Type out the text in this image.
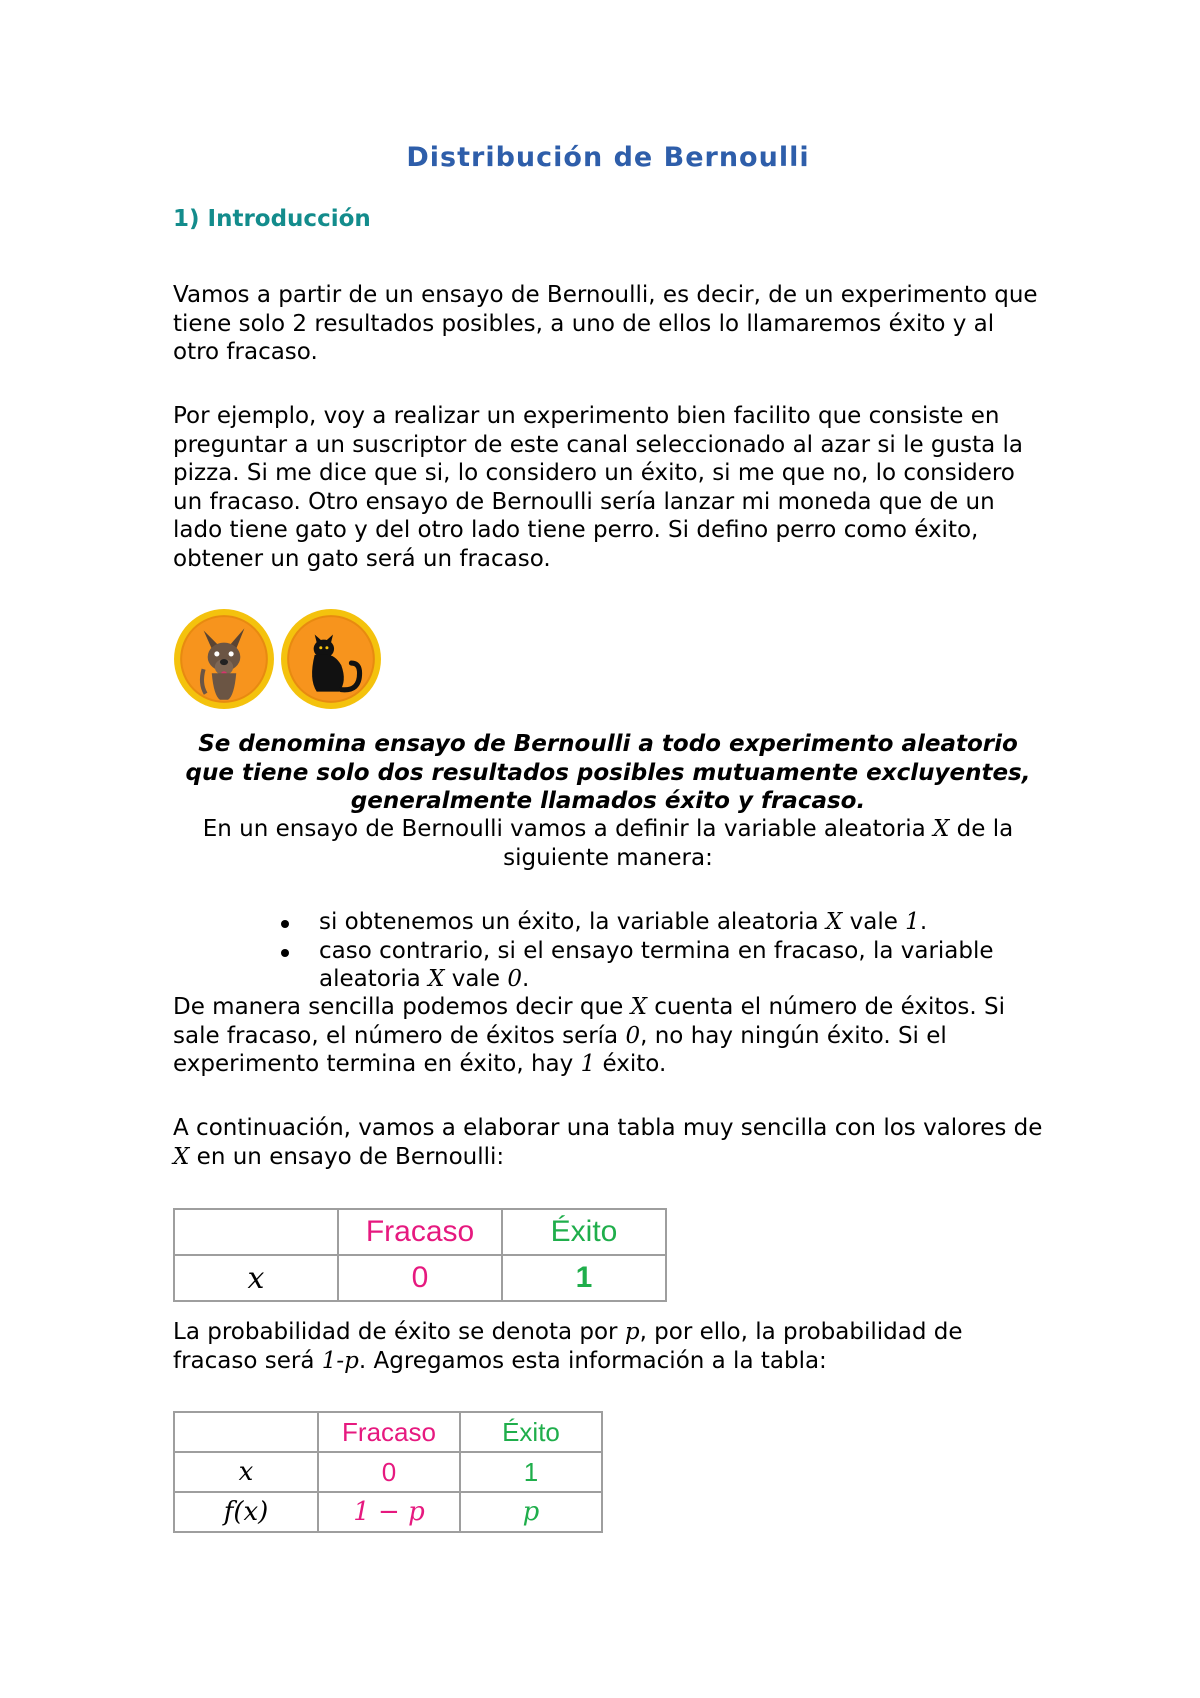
Distribución de Bernoulli
1) Introducción

Vamos a partir de un ensayo de Bernoulli, es decir, de un experimento que tiene solo 2 resultados posibles, a uno de ellos lo llamaremos éxito y al otro fracaso.

Por ejemplo, voy a realizar un experimento bien facilito que consiste en preguntar a un suscriptor de este canal seleccionado al azar si le gusta la pizza. Si me dice que si, lo considero un éxito, si me que no, lo considero un fracaso. Otro ensayo de Bernoulli sería lanzar mi moneda que de un lado tiene gato y del otro lado tiene perro. Si defino perro como éxito, obtener un gato será un fracaso.

Se denomina ensayo de Bernoulli a todo experimento aleatorio que tiene solo dos resultados posibles mutuamente excluyentes, generalmente llamados éxito y fracaso.

En un ensayo de Bernoulli vamos a definir la variable aleatoria X de la siguiente manera:

si obtenemos un éxito, la variable aleatoria X vale 1.
caso contrario, si el ensayo termina en fracaso, la variable aleatoria X vale 0.

De manera sencilla podemos decir que X cuenta el número de éxitos. Si sale fracaso, el número de éxitos sería 0, no hay ningún éxito. Si el experimento termina en éxito, hay 1 éxito.

A continuación, vamos a elaborar una tabla muy sencilla con los valores de X en un ensayo de Bernoulli:

	Fracaso	Éxito
x	0	1

La probabilidad de éxito se denota por p, por ello, la probabilidad de fracaso será 1-p. Agregamos esta información a la tabla:

	Fracaso	Éxito
x	0	1
f(x)	1 − p	p
